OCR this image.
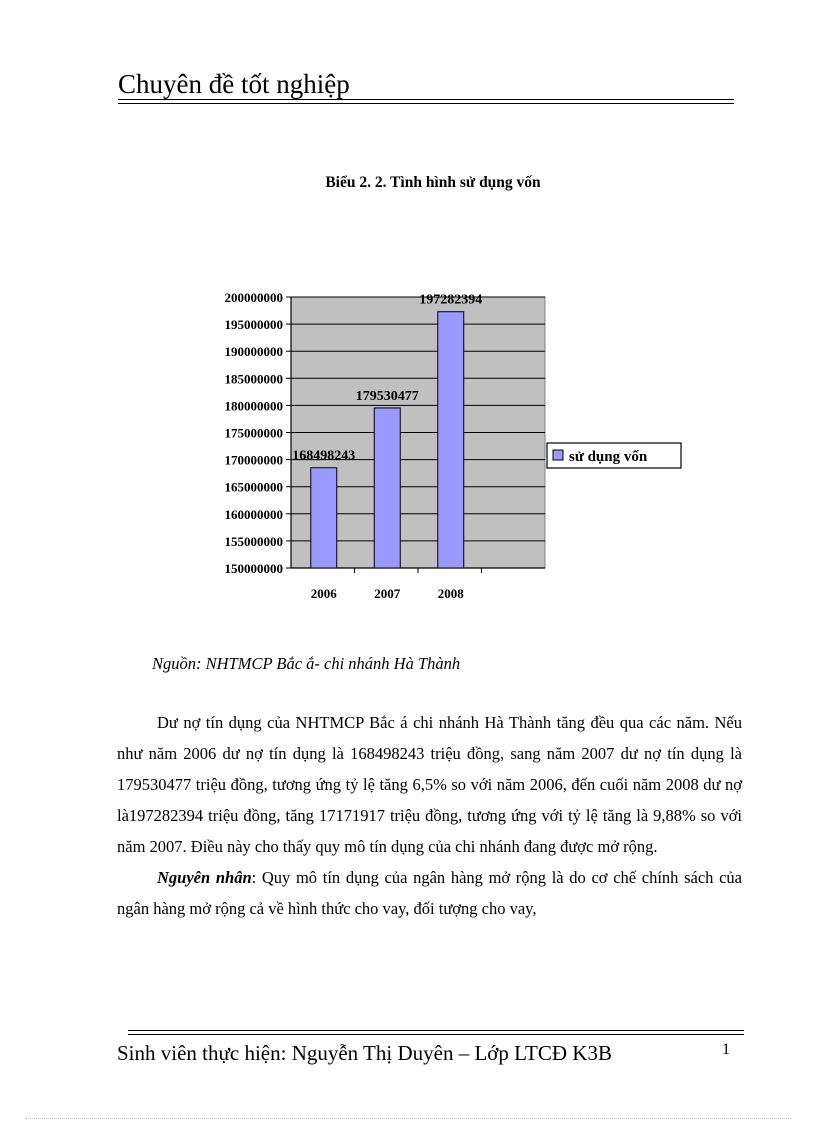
Chuyên đề tốt nghiệp
Biểu 2. 2. Tình hình sử dụng vốn
150000000
155000000
160000000
165000000
170000000
175000000
180000000
185000000
190000000
195000000
200000000
168498243
2006
179530477
2007
197282394
2008
sử dụng vốn
Nguồn: NHTMCP Bắc ắ- chi nhánh Hà Thành

Dư nợ tín dụng của NHTMCP Bắc á chi nhánh Hà Thành tăng đều qua các năm. Nếu như năm 2006 dư nợ tín dụng là 168498243 triệu đồng, sang năm 2007 dư nợ tín dụng là 179530477 triệu đồng, tương ứng tỷ lệ tăng 6,5% so với năm 2006, đến cuối năm 2008 dư nợ là197282394 triệu đồng, tăng 17171917 triệu đồng, tương ứng với tỷ lệ tăng là 9,88% so với năm 2007. Điều này cho thấy quy mô tín dụng của chi nhánh đang được mở rộng.

Nguyên nhân: Quy mô tín dụng của ngân hàng mở rộng là do cơ chế chính sách của ngân hàng mở rộng cả về hình thức cho vay, đối tượng cho vay,

Sinh viên thực hiện: Nguyễn Thị Duyên – Lớp LTCĐ K3B	1
